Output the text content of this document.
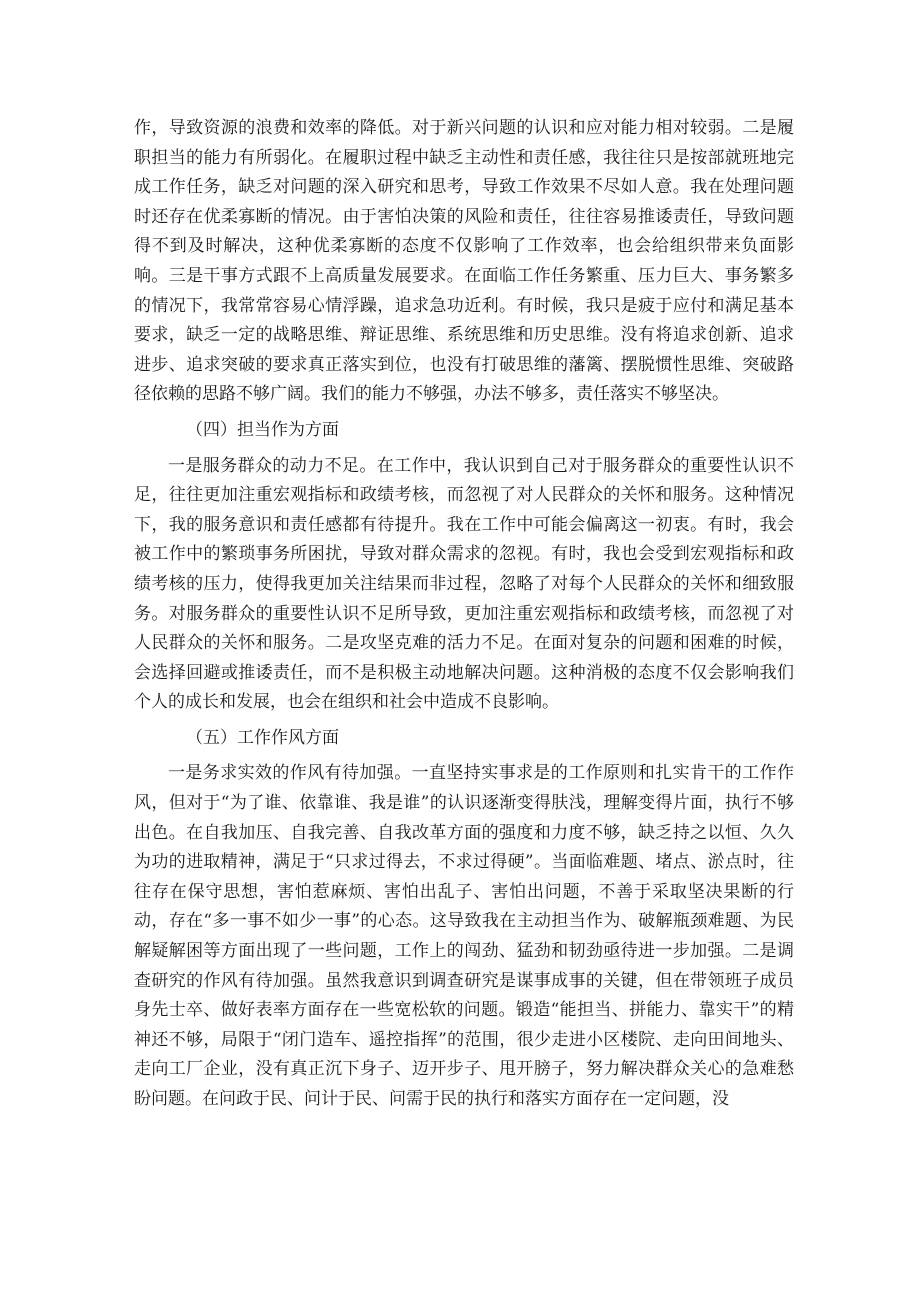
作，导致资源的浪费和效率的降低。对于新兴问题的认识和应对能力相对较弱。二是履职担当的能力有所弱化。在履职过程中缺乏主动性和责任感，我往往只是按部就班地完成工作任务，缺乏对问题的深入研究和思考，导致工作效果不尽如人意。我在处理问题时还存在优柔寡断的情况。由于害怕决策的风险和责任，往往容易推诿责任，导致问题得不到及时解决，这种优柔寡断的态度不仅影响了工作效率，也会给组织带来负面影响。三是干事方式跟不上高质量发展要求。在面临工作任务繁重、压力巨大、事务繁多的情况下，我常常容易心情浮躁，追求急功近利。有时候，我只是疲于应付和满足基本要求，缺乏一定的战略思维、辩证思维、系统思维和历史思维。没有将追求创新、追求进步、追求突破的要求真正落实到位，也没有打破思维的藩篱、摆脱惯性思维、突破路径依赖的思路不够广阔。我们的能力不够强，办法不够多，责任落实不够坚决。

（四）担当作为方面

一是服务群众的动力不足。在工作中，我认识到自己对于服务群众的重要性认识不足，往往更加注重宏观指标和政绩考核，而忽视了对人民群众的关怀和服务。这种情况下，我的服务意识和责任感都有待提升。我在工作中可能会偏离这一初衷。有时，我会被工作中的繁琐事务所困扰，导致对群众需求的忽视。有时，我也会受到宏观指标和政绩考核的压力，使得我更加关注结果而非过程，忽略了对每个人民群众的关怀和细致服务。对服务群众的重要性认识不足所导致，更加注重宏观指标和政绩考核，而忽视了对人民群众的关怀和服务。二是攻坚克难的活力不足。在面对复杂的问题和困难的时候，会选择回避或推诿责任，而不是积极主动地解决问题。这种消极的态度不仅会影响我们个人的成长和发展，也会在组织和社会中造成不良影响。

（五）工作作风方面

一是务求实效的作风有待加强。一直坚持实事求是的工作原则和扎实肯干的工作作风，但对于“为了谁、依靠谁、我是谁”的认识逐渐变得肤浅，理解变得片面，执行不够出色。在自我加压、自我完善、自我改革方面的强度和力度不够，缺乏持之以恒、久久为功的进取精神，满足于“只求过得去，不求过得硬”。当面临难题、堵点、淤点时，往往存在保守思想，害怕惹麻烦、害怕出乱子、害怕出问题，不善于采取坚决果断的行动，存在“多一事不如少一事”的心态。这导致我在主动担当作为、破解瓶颈难题、为民解疑解困等方面出现了一些问题，工作上的闯劲、猛劲和韧劲亟待进一步加强。二是调查研究的作风有待加强。虽然我意识到调查研究是谋事成事的关键，但在带领班子成员身先士卒、做好表率方面存在一些宽松软的问题。锻造“能担当、拼能力、靠实干”的精神还不够，局限于“闭门造车、遥控指挥”的范围，很少走进小区楼院、走向田间地头、走向工厂企业，没有真正沉下身子、迈开步子、甩开膀子，努力解决群众关心的急难愁盼问题。在问政于民、问计于民、问需于民的执行和落实方面存在一定问题，没
